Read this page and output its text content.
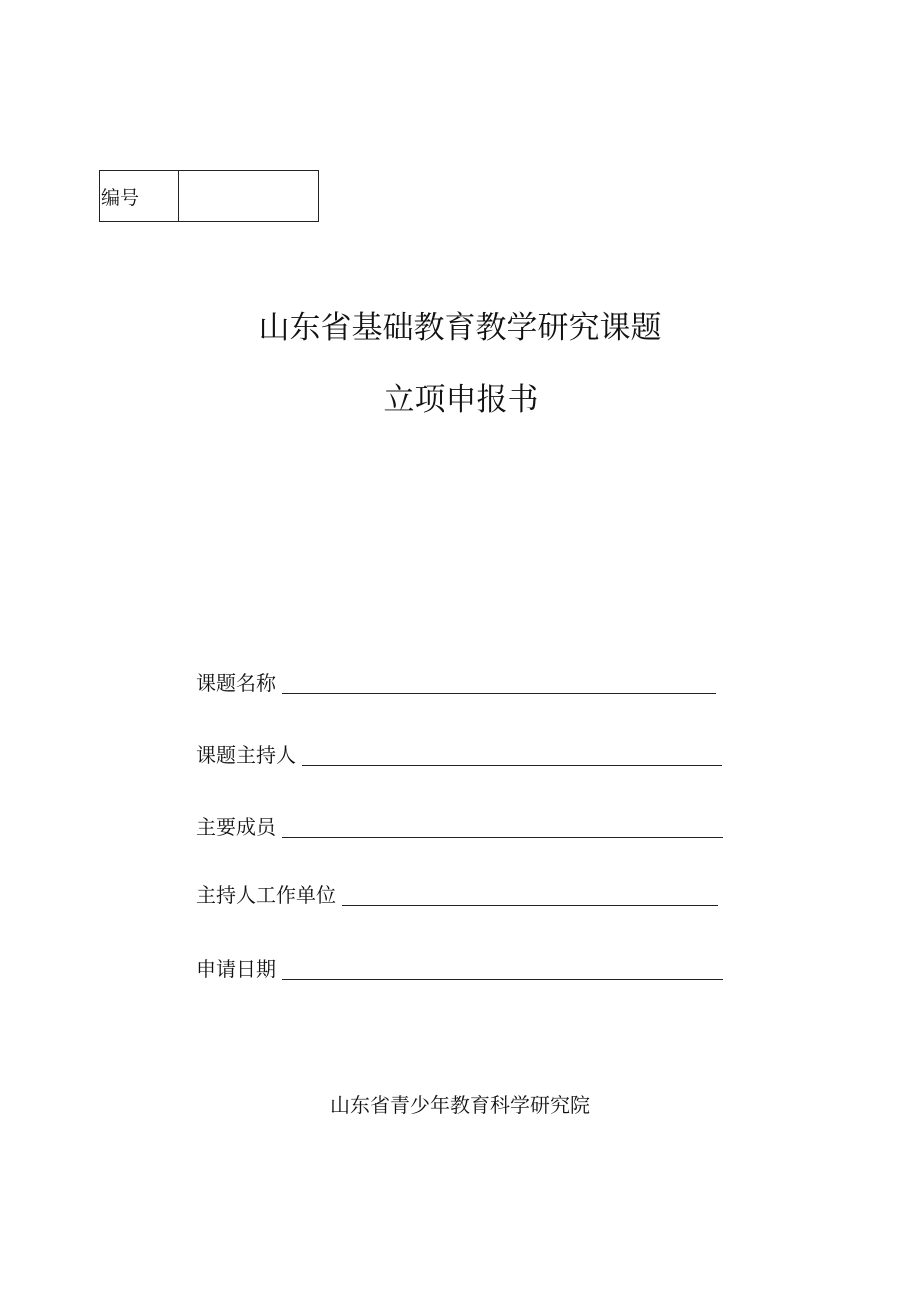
编号
山东省基础教育教学研究课题
立项申报书
课题名称
课题主持人
主要成员
主持人工作单位
申请日期
山东省青少年教育科学研究院
